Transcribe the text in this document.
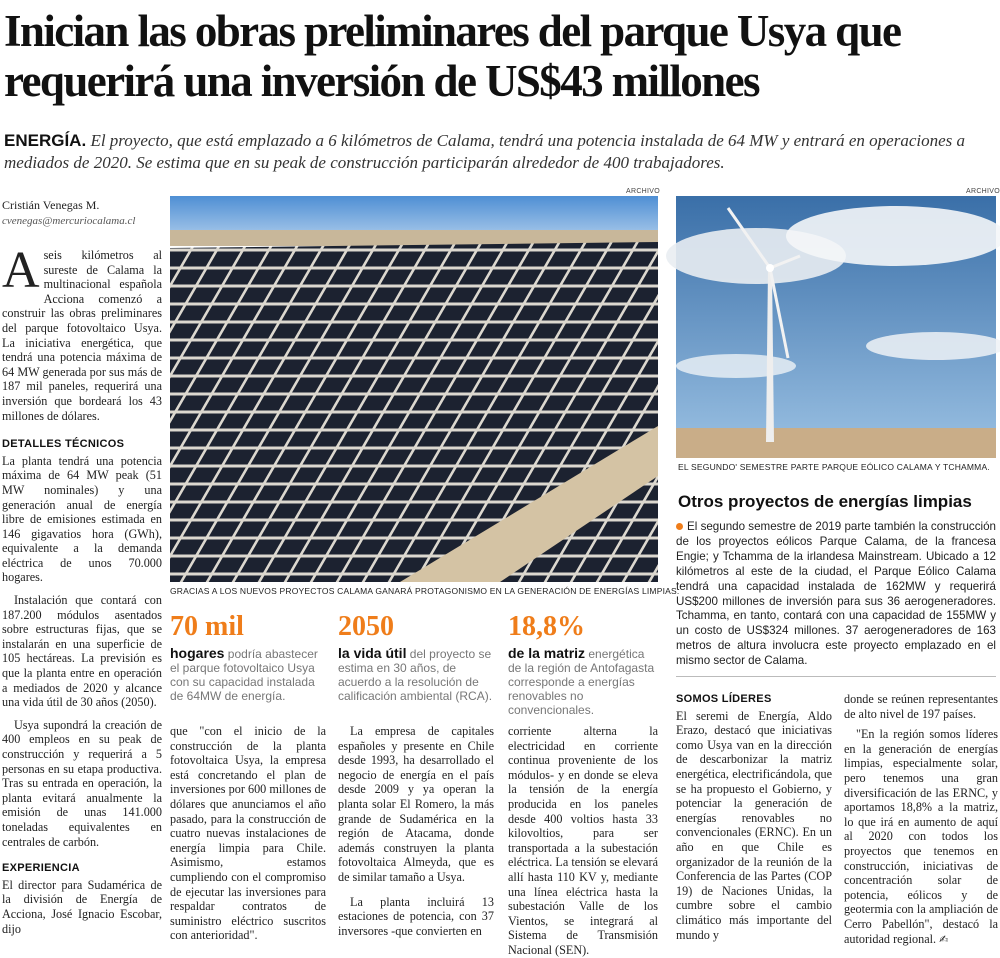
Inician las obras preliminares del parque Usya que requerirá una inversión de US$43 millones
ENERGÍA. El proyecto, que está emplazado a 6 kilómetros de Calama, tendrá una potencia instalada de 64 MW y entrará en operaciones a mediados de 2020. Se estima que en su peak de construcción participarán alrededor de 400 trabajadores.
Cristián Venegas M.
cvenegas@mercuriocalama.cl

Aseis kilómetros al sureste de Calama la multinacional española Acciona comenzó a construir las obras preliminares del parque fotovoltaico Usya. La iniciativa energética, que tendrá una potencia máxima de 64 MW generada por sus más de 187 mil paneles, requerirá una inversión que bordeará los 43 millones de dólares.

DETALLES TÉCNICOS

La planta tendrá una potencia máxima de 64 MW peak (51 MW nominales) y una generación anual de energía libre de emisiones estimada en 146 gigavatios hora (GWh), equivalente a la demanda eléctrica de unos 70.000 hogares.

Instalación que contará con 187.200 módulos asentados sobre estructuras fijas, que se instalarán en una superficie de 105 hectáreas. La previsión es que la planta entre en operación a mediados de 2020 y alcance una vida útil de 30 años (2050).

Usya supondrá la creación de 400 empleos en su peak de construcción y requerirá a 5 personas en su etapa productiva. Tras su entrada en operación, la planta evitará anualmente la emisión de unas 141.000 toneladas equivalentes en centrales de carbón.

EXPERIENCIA

El director para Sudamérica de la división de Energía de Acciona, José Ignacio Escobar, dijo

ARCHIVO
GRACIAS A LOS NUEVOS PROYECTOS CALAMA GANARÁ PROTAGONISMO EN LA GENERACIÓN DE ENERGÍAS LIMPIAS.
ARCHIVO
EL SEGUNDO' SEMESTRE PARTE PARQUE EÓLICO CALAMA Y TCHAMMA.
70 mil
hogares podría abastecer el parque fotovoltaico Usya con su capacidad instalada de 64MW de energía.
2050
la vida útil del proyecto se estima en 30 años, de acuerdo a la resolución de calificación ambiental (RCA).
18,8%
de la matriz energética de la región de Antofagasta corresponde a energías renovables no convencionales.

que "con el inicio de la construcción de la planta fotovoltaica Usya, la empresa está concretando el plan de inversiones por 600 millones de dólares que anunciamos el año pasado, para la construcción de cuatro nuevas instalaciones de energía limpia para Chile. Asimismo, estamos cumpliendo con el compromiso de ejecutar las inversiones para respaldar contratos de suministro eléctrico suscritos con anterioridad".

La empresa de capitales españoles y presente en Chile desde 1993, ha desarrollado el negocio de energía en el país desde 2009 y ya operan la planta solar El Romero, la más grande de Sudamérica en la región de Atacama, donde además construyen la planta fotovoltaica Almeyda, que es de similar tamaño a Usya.

La planta incluirá 13 estaciones de potencia, con 37 inversores -que convierten en

corriente alterna la electricidad en corriente continua proveniente de los módulos- y en donde se eleva la tensión de la energía producida en los paneles desde 400 voltios hasta 33 kilovoltios, para ser transportada a la subestación eléctrica. La tensión se elevará allí hasta 110 KV y, mediante una línea eléctrica hasta la subestación Valle de los Vientos, se integrará al Sistema de Transmisión Nacional (SEN).

Otros proyectos de energías limpias
El segundo semestre de 2019 parte también la construcción de los proyectos eólicos Parque Calama, de la francesa Engie; y Tchamma de la irlandesa Mainstream. Ubicado a 12 kilómetros al este de la ciudad, el Parque Eólico Calama tendrá una capacidad instalada de 162MW y requerirá US$200 millones de inversión para sus 36 aerogeneradores. Tchamma, en tanto, contará con una capacidad de 155MW y un costo de US$324 millones. 37 aerogeneradores de 163 metros de altura involucra este proyecto emplazado en el mismo sector de Calama.
SOMOS LÍDERES

El seremi de Energía, Aldo Erazo, destacó que iniciativas como Usya van en la dirección de descarbonizar la matriz energética, electrificándola, que se ha propuesto el Gobierno, y potenciar la generación de energías renovables no convencionales (ERNC). En un año en que Chile es organizador de la reunión de la Conferencia de las Partes (COP 19) de Naciones Unidas, la cumbre sobre el cambio climático más importante del mundo y

donde se reúnen representantes de alto nivel de 197 países.

"En la región somos líderes en la generación de energías limpias, especialmente solar, pero tenemos una gran diversificación de las ERNC, y aportamos 18,8% a la matriz, lo que irá en aumento de aquí al 2020 con todos los proyectos que tenemos en construcción, iniciativas de concentración solar de potencia, eólicos y de geotermia con la ampliación de Cerro Pabellón", destacó la autoridad regional. ✍
